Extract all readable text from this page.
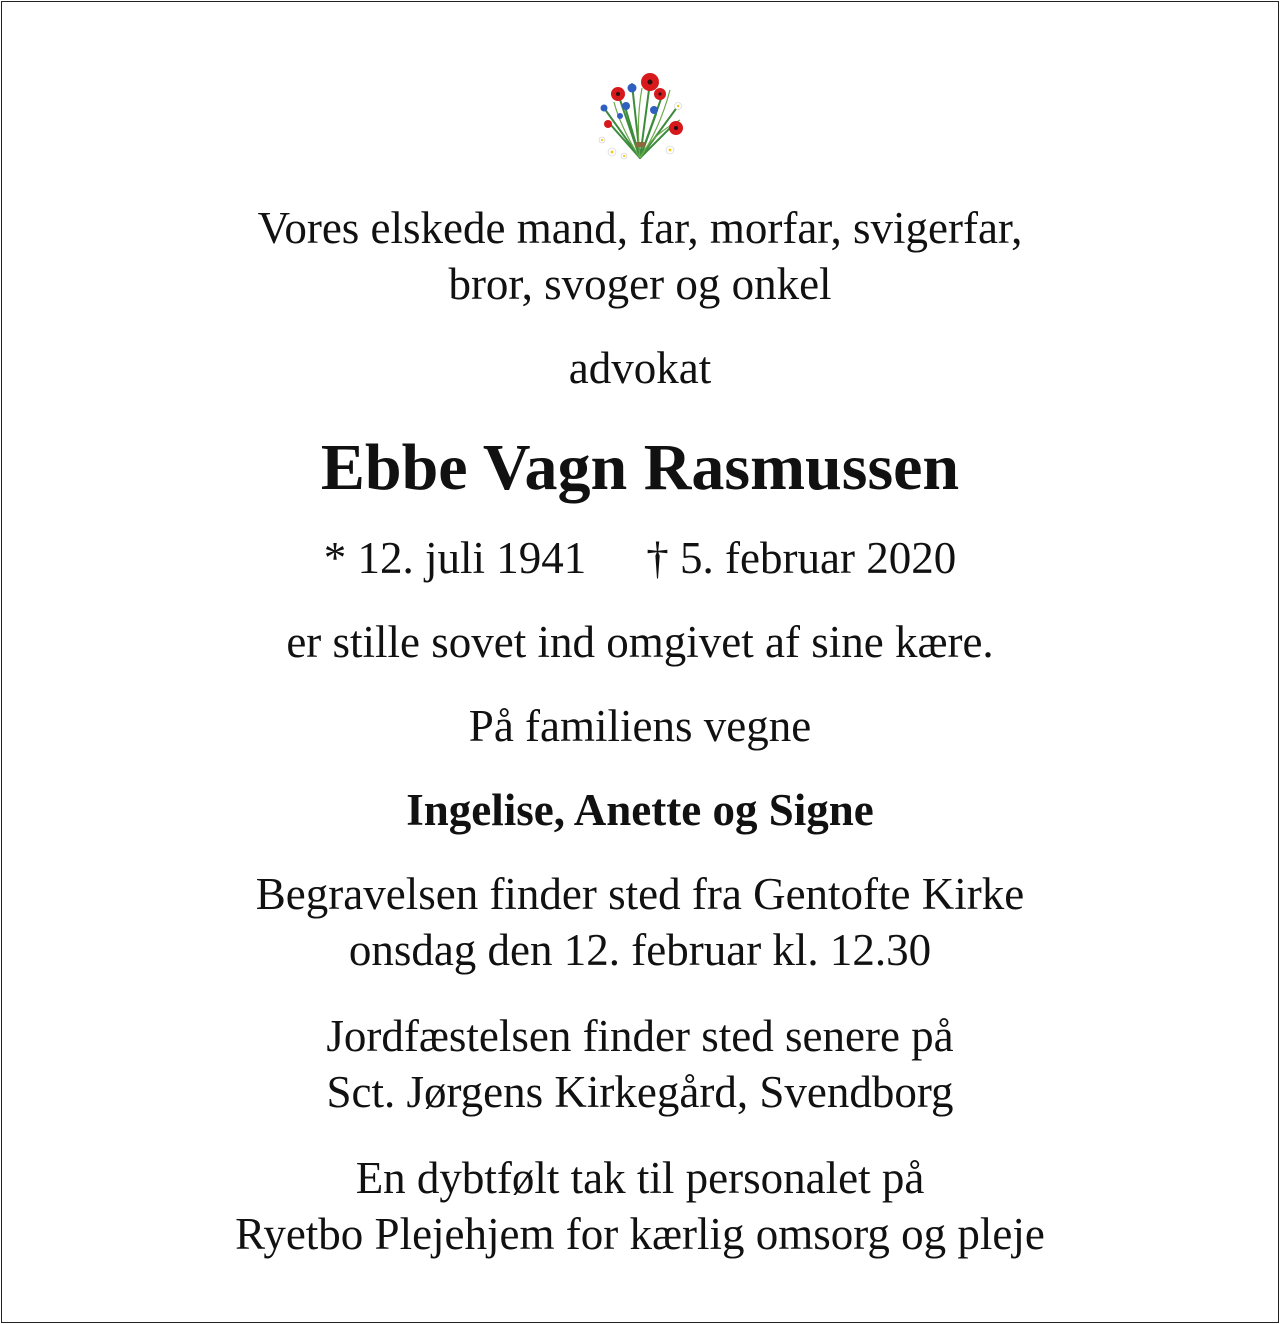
Vores elskede mand, far, morfar, svigerfar,
bror, svoger og onkel
advokat
Ebbe Vagn Rasmussen
* 12. juli 1941 † 5. februar 2020
er stille sovet ind omgivet af sine kære.
På familiens vegne
Ingelise, Anette og Signe
Begravelsen finder sted fra Gentofte Kirke
onsdag den 12. februar kl. 12.30
Jordfæstelsen finder sted senere på
Sct. Jørgens Kirkegård, Svendborg
En dybtfølt tak til personalet på
Ryetbo Plejehjem for kærlig omsorg og pleje
